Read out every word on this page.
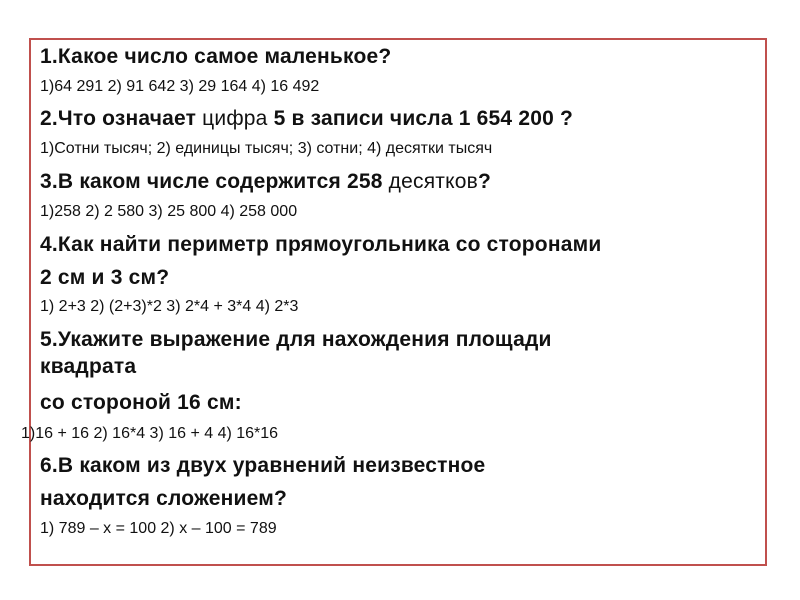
1.Какое число самое маленькое?
1)64 291 2) 91 642 3) 29 164 4) 16 492
2.Что означает цифра 5 в записи числа 1 654 200 ?
1)Сотни тысяч; 2) единицы тысяч; 3) сотни; 4) десятки тысяч
3.В каком числе содержится 258 десятков?
1)258 2) 2 580 3) 25 800 4) 258 000
4.Как найти периметр прямоугольника со сторонами
2 см и 3 см?
1) 2+3 2) (2+3)*2 3) 2*4 + 3*4 4) 2*3
5.Укажите выражение для нахождения площади
квадрата
со стороной 16 см:
1)16 + 16 2) 16*4 3) 16 + 4 4) 16*16
6.В каком из двух уравнений неизвестное
находится сложением?
1) 789 – x = 100 2) x – 100 = 789
